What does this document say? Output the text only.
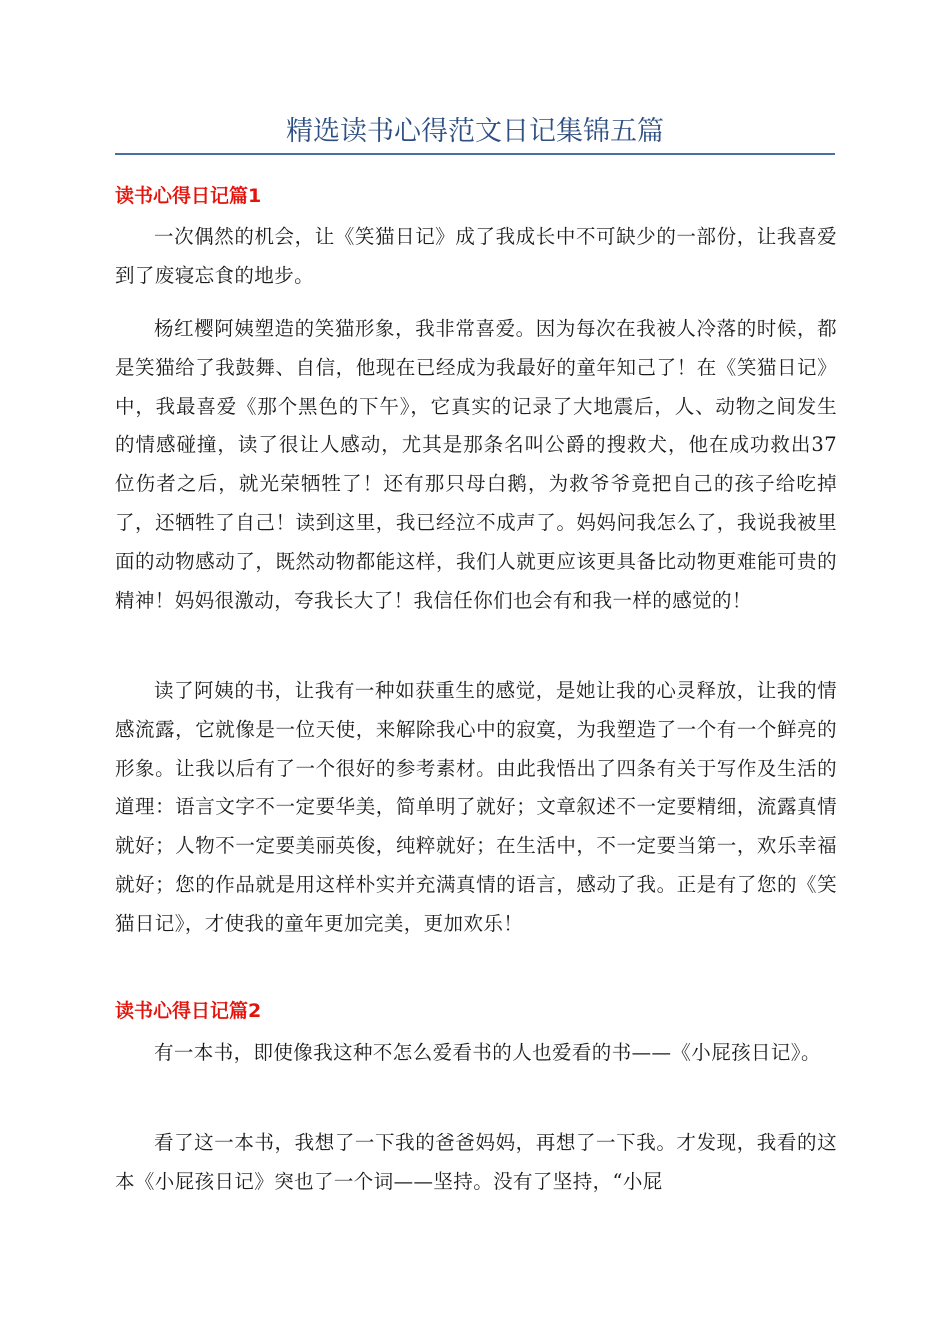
精选读书心得范文日记集锦五篇
读书心得日记篇1

一次偶然的机会，让《笑猫日记》成了我成长中不可缺少的一部份，让我喜爱到了废寝忘食的地步。

杨红樱阿姨塑造的笑猫形象，我非常喜爱。因为每次在我被人冷落的时候，都是笑猫给了我鼓舞、自信，他现在已经成为我最好的童年知己了！在《笑猫日记》中，我最喜爱《那个黑色的下午》，它真实的记录了大地震后，人、动物之间发生的情感碰撞，读了很让人感动，尤其是那条名叫公爵的搜救犬，他在成功救出37位伤者之后，就光荣牺牲了！还有那只母白鹅，为救爷爷竟把自己的孩子给吃掉了，还牺牲了自己！读到这里，我已经泣不成声了。妈妈问我怎么了，我说我被里面的动物感动了，既然动物都能这样，我们人就更应该更具备比动物更难能可贵的精神！妈妈很激动，夸我长大了！我信任你们也会有和我一样的感觉的！

读了阿姨的书，让我有一种如获重生的感觉，是她让我的心灵释放，让我的情感流露，它就像是一位天使，来解除我心中的寂寞，为我塑造了一个有一个鲜亮的形象。让我以后有了一个很好的参考素材。由此我悟出了四条有关于写作及生活的道理：语言文字不一定要华美，简单明了就好；文章叙述不一定要精细，流露真情就好；人物不一定要美丽英俊，纯粹就好；在生活中，不一定要当第一，欢乐幸福就好；您的作品就是用这样朴实并充满真情的语言，感动了我。正是有了您的《笑猫日记》，才使我的童年更加完美，更加欢乐！

读书心得日记篇2

有一本书，即使像我这种不怎么爱看书的人也爱看的书——《小屁孩日记》。

看了这一本书，我想了一下我的爸爸妈妈，再想了一下我。才发现，我看的这本《小屁孩日记》突也了一个词——坚持。没有了坚持，“小屁
